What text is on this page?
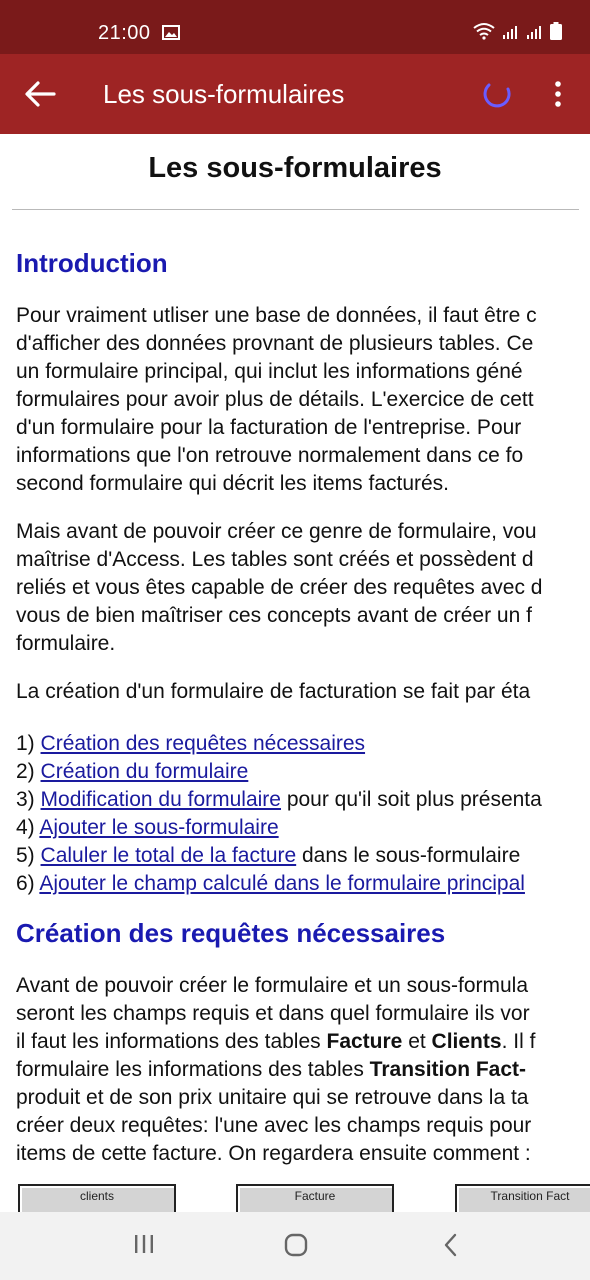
21:00
Les sous-formulaires
Les sous-formulaires
Introduction
Pour vraiment utliser une base de données, il faut être c
d'afficher des données provnant de plusieurs tables. Ce
un formulaire principal, qui inclut les informations géné
formulaires pour avoir plus de détails. L'exercice de cett
d'un formulaire pour la facturation de l'entreprise. Pour
informations que l'on retrouve normalement dans ce fo
second formulaire qui décrit les items facturés.
Mais avant de pouvoir créer ce genre de formulaire, vou
maîtrise d'Access. Les tables sont créés et possèdent d
reliés et vous êtes capable de créer des requêtes avec d
vous de bien maîtriser ces concepts avant de créer un f
formulaire.
La création d'un formulaire de facturation se fait par éta
1) Création des requêtes nécessaires
2) Création du formulaire
3) Modification du formulaire pour qu'il soit plus présenta
4) Ajouter le sous-formulaire
5) Caluler le total de la facture dans le sous-formulaire
6) Ajouter le champ calculé dans le formulaire principal
Création des requêtes nécessaires
Avant de pouvoir créer le formulaire et un sous-formula
seront les champs requis et dans quel formulaire ils vor
il faut les informations des tables Facture et Clients. Il f
formulaire les informations des tables Transition Fact-
produit et de son prix unitaire qui se retrouve dans la ta
créer deux requêtes: l'une avec les champs requis pour
items de cette facture. On regardera ensuite comment :
clients	Facture	Transition Fact
